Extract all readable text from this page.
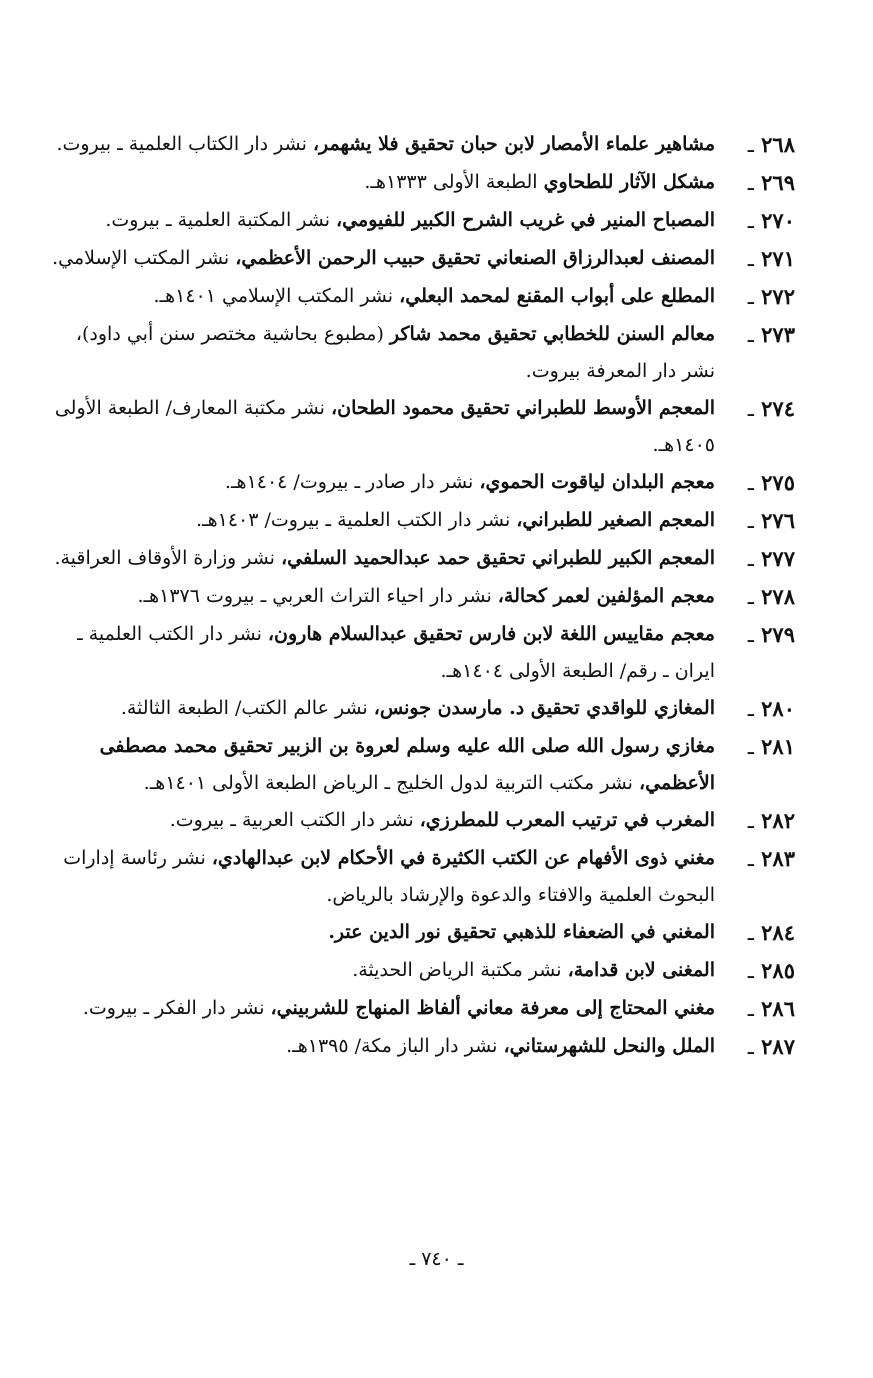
٢٦٨ ـ
مشاهير علماء الأمصار لابن حبان تحقيق فلا يشهمر، نشر دار الكتاب العلمية ـ بيروت.
٢٦٩ ـ
مشكل الآثار للطحاوي الطبعة الأولى ١٣٣٣هـ.
٢٧٠ ـ
المصباح المنير في غريب الشرح الكبير للفيومي، نشر المكتبة العلمية ـ بيروت.
٢٧١ ـ
المصنف لعبدالرزاق الصنعاني تحقيق حبيب الرحمن الأعظمي، نشر المكتب الإسلامي.
٢٧٢ ـ
المطلع على أبواب المقنع لمحمد البعلي، نشر المكتب الإسلامي ١٤٠١هـ.
٢٧٣ ـ
معالم السنن للخطابي تحقيق محمد شاكر (مطبوع بحاشية مختصر سنن أبي داود)، نشر دار المعرفة بيروت.
٢٧٤ ـ
المعجم الأوسط للطبراني تحقيق محمود الطحان، نشر مكتبة المعارف/ الطبعة الأولى ١٤٠٥هـ.
٢٧٥ ـ
معجم البلدان لياقوت الحموي، نشر دار صادر ـ بيروت/ ١٤٠٤هـ.
٢٧٦ ـ
المعجم الصغير للطبراني، نشر دار الكتب العلمية ـ بيروت/ ١٤٠٣هـ.
٢٧٧ ـ
المعجم الكبير للطبراني تحقيق حمد عبدالحميد السلفي، نشر وزارة الأوقاف العراقية.
٢٧٨ ـ
معجم المؤلفين لعمر كحالة، نشر دار احياء التراث العربي ـ بيروت ١٣٧٦هـ.
٢٧٩ ـ
معجم مقاييس اللغة لابن فارس تحقيق عبدالسلام هارون، نشر دار الكتب العلمية ـ ايران ـ رقم/ الطبعة الأولى ١٤٠٤هـ.
٢٨٠ ـ
المغازي للواقدي تحقيق د. مارسدن جونس، نشر عالم الكتب/ الطبعة الثالثة.
٢٨١ ـ
مغازي رسول الله صلى الله عليه وسلم لعروة بن الزبير تحقيق محمد مصطفى الأعظمي، نشر مكتب التربية لدول الخليج ـ الرياض الطبعة الأولى ١٤٠١هـ.
٢٨٢ ـ
المغرب في ترتيب المعرب للمطرزي، نشر دار الكتب العربية ـ بيروت.
٢٨٣ ـ
مغني ذوى الأفهام عن الكتب الكثيرة في الأحكام لابن عبدالهادي، نشر رئاسة إدارات البحوث العلمية والافتاء والدعوة والإرشاد بالرياض.
٢٨٤ ـ
المغني في الضعفاء للذهبي تحقيق نور الدين عتر.
٢٨٥ ـ
المغنى لابن قدامة، نشر مكتبة الرياض الحديثة.
٢٨٦ ـ
مغني المحتاج إلى معرفة معاني ألفاظ المنهاج للشربيني، نشر دار الفكر ـ بيروت.
٢٨٧ ـ
الملل والنحل للشهرستاني، نشر دار الباز مكة/ ١٣٩٥هـ.
ـ ٧٤٠ ـ
